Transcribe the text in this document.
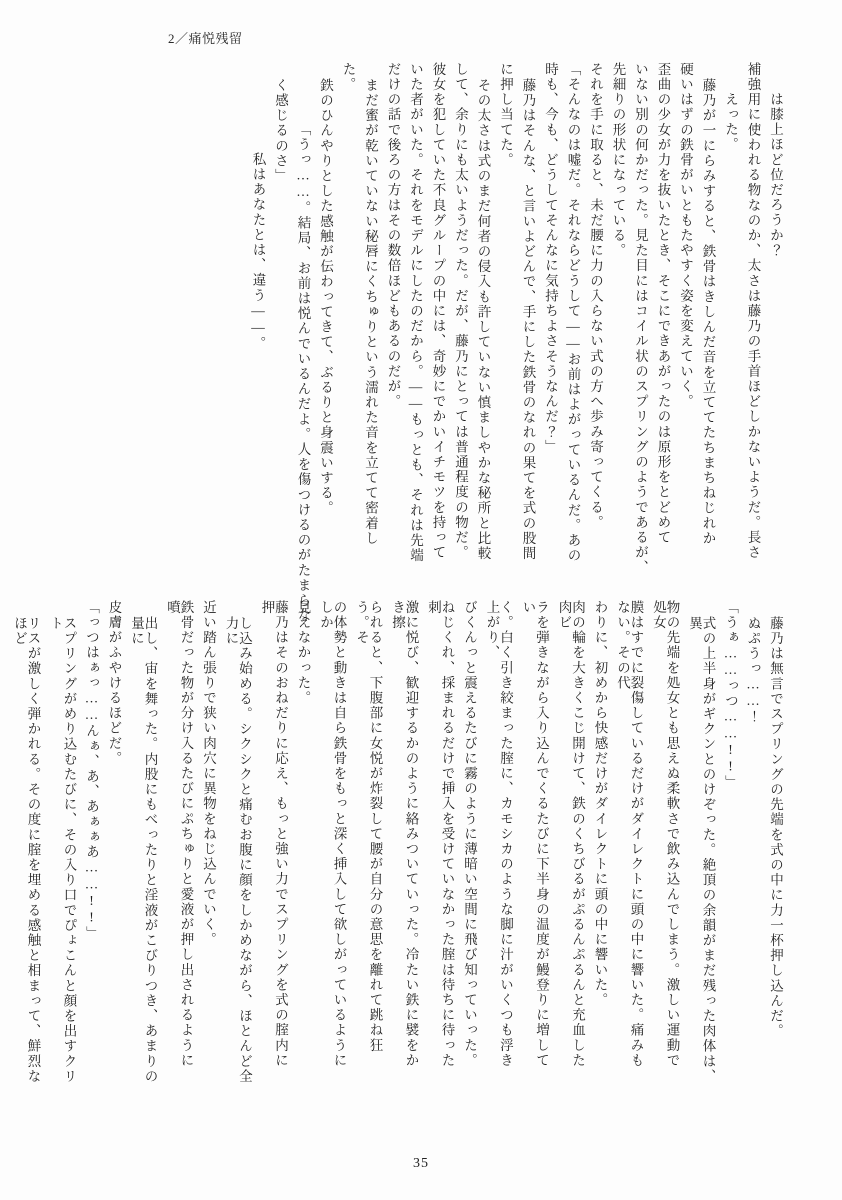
2／痛悦残留
は膝上ほど位だろうか？
補強用に使われる物なのか、太さは藤乃の手首ほどしかないようだ。長さ
えった。
藤乃が一にらみすると、鉄骨はきしんだ音を立ててたちまちねじれか
硬いはずの鉄骨がいともたやすく姿を変えていく。
歪曲の少女が力を抜いたとき、そこにできあがったのは原形をとどめて
いない別の何かだった。見た目にはコイル状のスプリングのようであるが、
先細りの形状になっている。
それを手に取ると、未だ腰に力の入らない式の方へ歩み寄ってくる。
「そんなのは嘘だ。それならどうして――お前はよがっているんだ。あの
時も、今も、どうしてそんなに気持ちよさそうなんだ？」
藤乃はそんな、と言いよどんで、手にした鉄骨のなれの果てを式の股間
に押し当てた。
その太さは式のまだ何者の侵入も許していない慎ましやかな秘所と比較
して、余りにも太いようだった。だが、藤乃にとっては普通程度の物だ。
彼女を犯していた不良グループの中には、奇妙にでかいイチモツを持って
いた者がいた。それをモデルにしたのだから。――もっとも、それは先端
だけの話で後ろの方はその数倍ほどもあるのだが。
まだ蜜が乾いていない秘唇にくちゅりという濡れた音を立てて密着し
た。
鉄のひんやりとした感触が伝わってきて、ぶるりと身震いする。
「うっ……。結局、お前は悦んでいるんだよ。人を傷つけるのがたまらな
く感じるのさ」
私はあなたとは、違う――。
藤乃は無言でスプリングの先端を式の中に力一杯押し込んだ。
ぬぷうっ……！
「うぁ……っつ……!!」
式の上半身がギクンとのけぞった。絶頂の余韻がまだ残った肉体は、異
物の先端を処女とも思えぬ柔軟さで飲み込んでしまう。激しい運動で処女
膜はすでに裂傷しているだけがダイレクトに頭の中に響いた。痛みもない。その代
わりに、初めから快感だけがダイレクトに頭の中に響いた。
肉の輪を大きくこじ開けて、鉄のくちびるがぷるんぷるんと充血した肉ビ
ラを弾きながら入り込んでくるたびに下半身の温度が鰻登りに増してい
く。白く引き絞まった腟に、カモシカのような脚に汁がいくつも浮き上がり、
びくんっと震えるたびに霧のように薄暗い空間に飛び知っていった。
ねじくれ、採まれるだけで挿入を受けていなかった腟は待ちに待った刺
激に悦び、歓迎するかのように絡みついていった。冷たい鉄に襞をかき擦
られると、下腹部に女悦が炸裂して腰が自分の意思を離れて跳ね狂う。そ
の体勢と動きは自ら鉄骨をもっと深く挿入して欲しがっているようにしか
見えなかった。
藤乃はそのおねだりに応え、もっと強い力でスプリングを式の腟内に押
し込み始める。シクシクと痛むお腹に顔をしかめながら、ほとんど全力に
近い踏ん張りで狭い肉穴に異物をねじ込んでいく。
鉄骨だった物が分け入るたびにぷちゅりと愛液が押し出されるように噴
出し、宙を舞った。内股にもべったりと淫液がこびりつき、あまりの量に
皮膚がふやけるほどだ。
「っつはぁっ……んぁ、あ、あぁぁあ……!!」
スプリングがめり込むたびに、その入り口でぴょこんと顔を出すクリト
リスが激しく弾かれる。その度に腟を埋める感触と相まって、鮮烈なほど
35
